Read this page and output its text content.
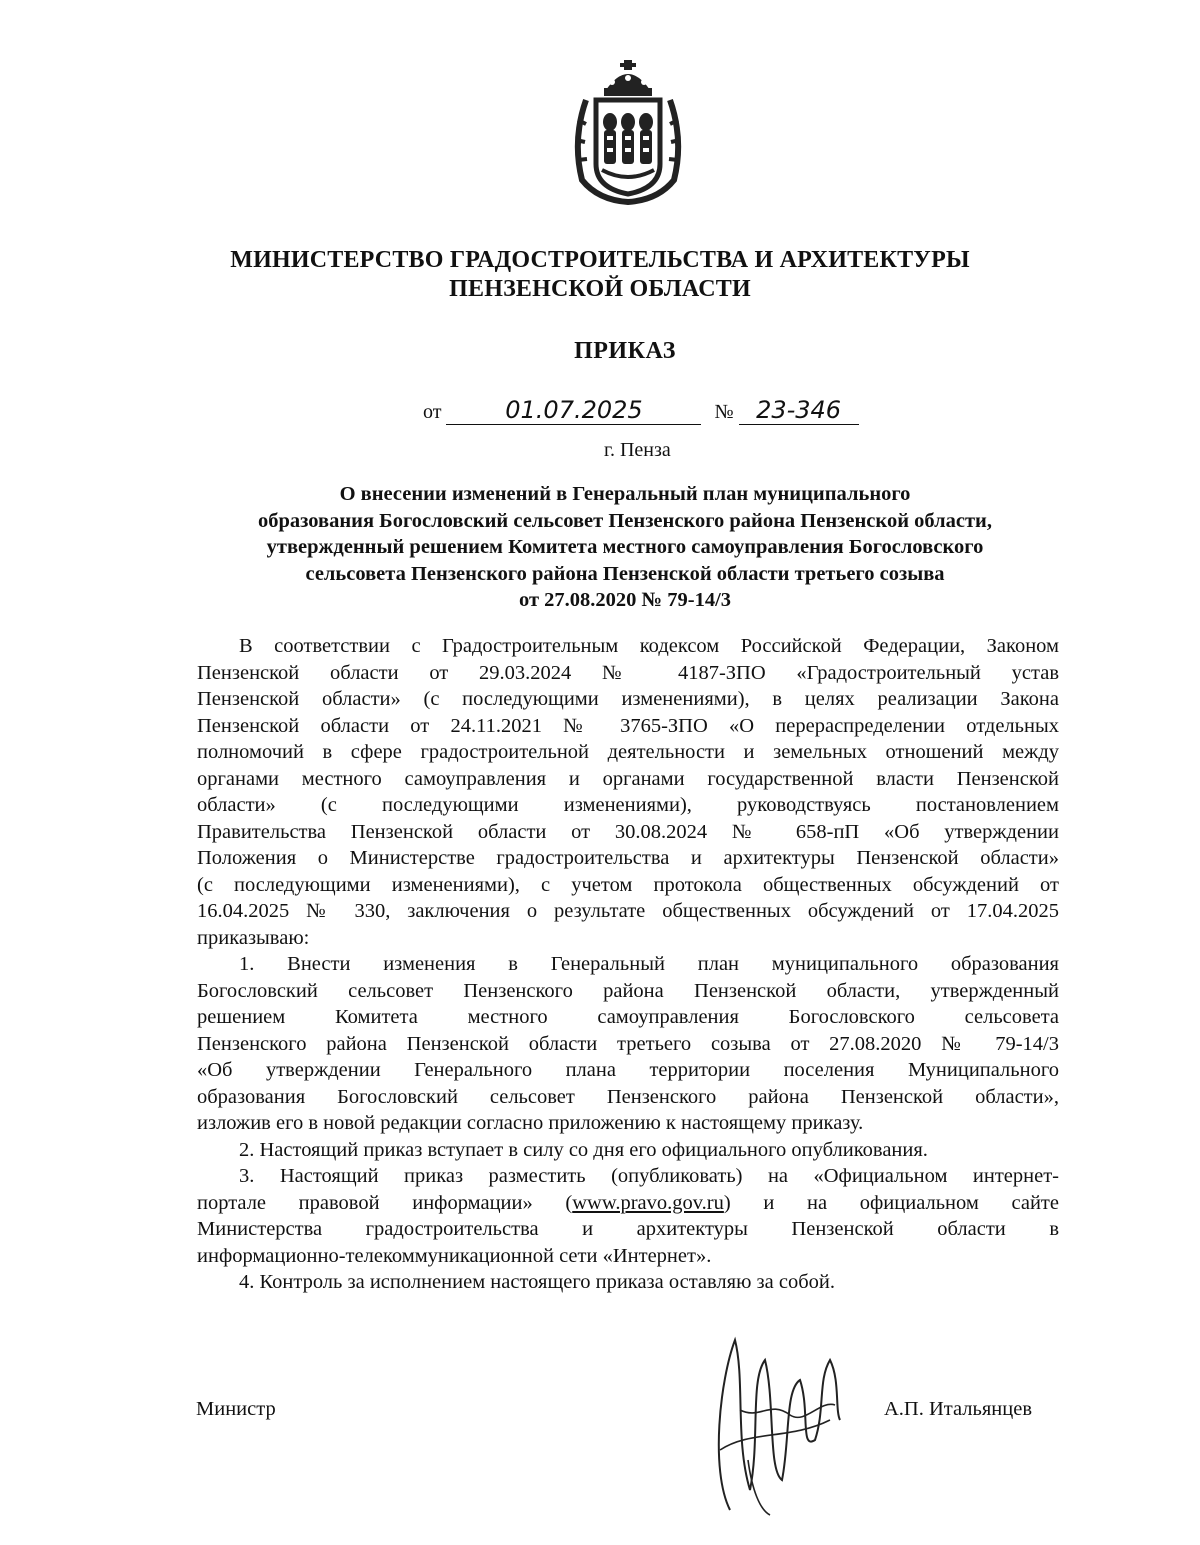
МИНИСТЕРСТВО ГРАДОСТРОИТЕЛЬСТВА И АРХИТЕКТУРЫ
ПЕНЗЕНСКОЙ ОБЛАСТИ
ПРИКАЗ
от	01.07.2025	№ 23-346
г. Пенза
О внесении изменений в Генеральный план муниципального
образования Богословский сельсовет Пензенского района Пензенской области,
утвержденный решением Комитета местного самоуправления Богословского
сельсовета Пензенского района Пензенской области третьего созыва
от 27.08.2020 № 79-14/3
В соответствии с Градостроительным кодексом Российской Федерации, Законом
Пензенской области от 29.03.2024 № 4187-ЗПО «Градостроительный устав
Пензенской области» (с последующими изменениями), в целях реализации Закона
Пензенской области от 24.11.2021 № 3765-ЗПО «О перераспределении отдельных
полномочий в сфере градостроительной деятельности и земельных отношений между
органами местного самоуправления и органами государственной власти Пензенской
области» (с последующими изменениями), руководствуясь постановлением
Правительства Пензенской области от 30.08.2024 № 658-пП «Об утверждении
Положения о Министерстве градостроительства и архитектуры Пензенской области»
(с последующими изменениями), с учетом протокола общественных обсуждений от
16.04.2025 № 330, заключения о результате общественных обсуждений от 17.04.2025
приказываю:
1. Внести изменения в Генеральный план муниципального образования
Богословский сельсовет Пензенского района Пензенской области, утвержденный
решением Комитета местного самоуправления Богословского сельсовета
Пензенского района Пензенской области третьего созыва от 27.08.2020 № 79-14/3
«Об утверждении Генерального плана территории поселения Муниципального
образования Богословский сельсовет Пензенского района Пензенской области»,
изложив его в новой редакции согласно приложению к настоящему приказу.
2. Настоящий приказ вступает в силу со дня его официального опубликования.
3. Настоящий приказ разместить (опубликовать) на «Официальном интернет-
портале правовой информации» (www.pravo.gov.ru) и на официальном сайте
Министерства градостроительства и архитектуры Пензенской области в
информационно-телекоммуникационной сети «Интернет».
4. Контроль за исполнением настоящего приказа оставляю за собой.
Министр	А.П. Итальянцев
